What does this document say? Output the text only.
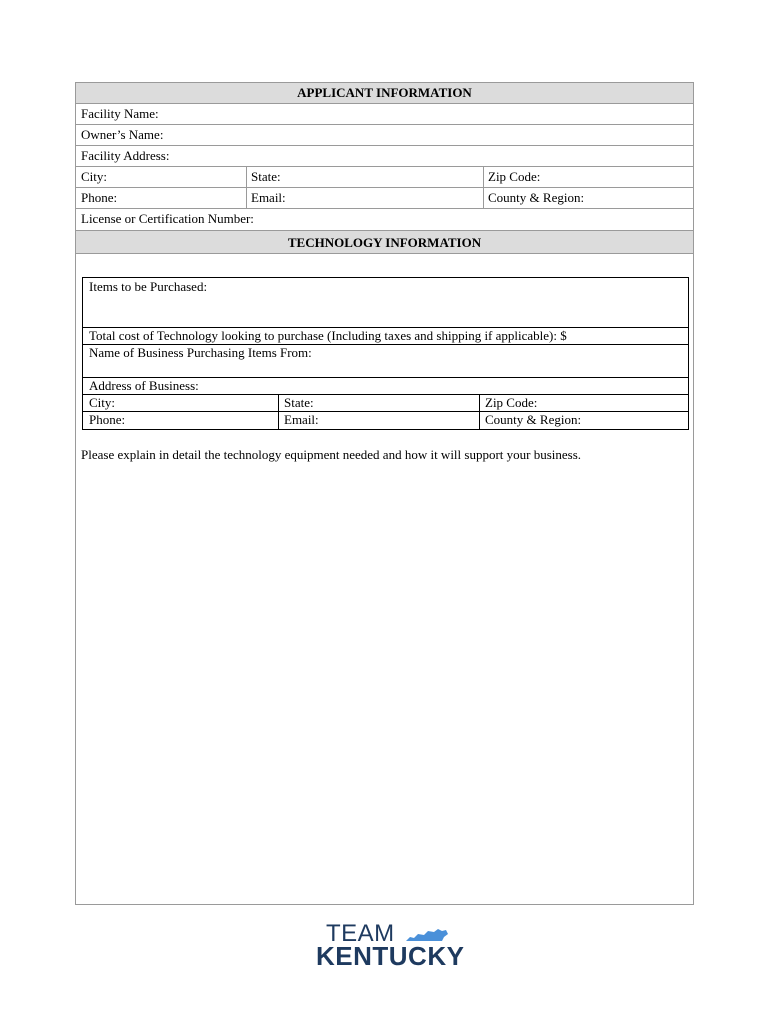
APPLICANT INFORMATION
Facility Name:
Owner’s Name:
Facility Address:
City:	State:	Zip Code:
Phone:	Email:	County & Region:
License or Certification Number:
TECHNOLOGY INFORMATION
Items to be Purchased:
Total cost of Technology looking to purchase (Including taxes and shipping if applicable): $
Name of Business Purchasing Items From:
Address of Business:
City:	State:	Zip Code:
Phone:	Email:	County & Region:
Please explain in detail the technology equipment needed and how it will support your business.
TEAM
KENTUCKY
